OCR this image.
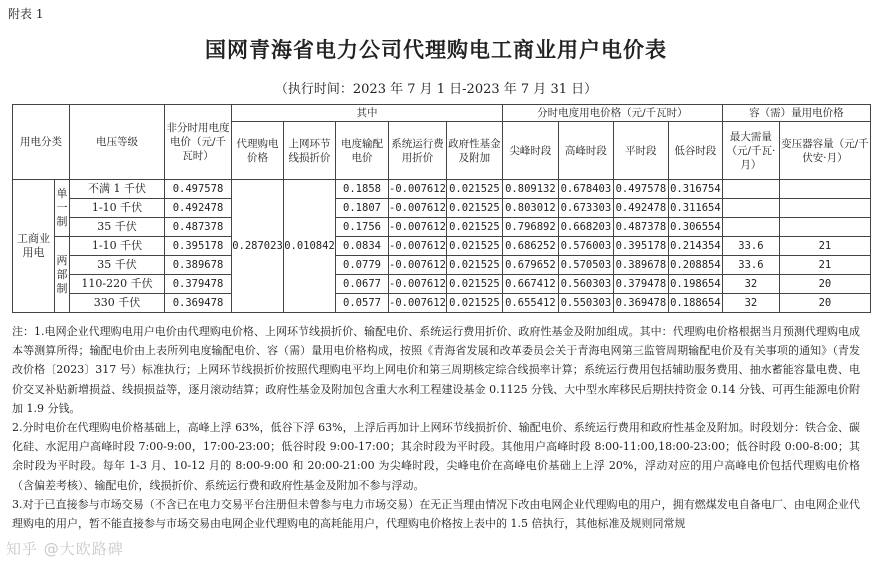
附表 1
国网青海省电力公司代理购电工商业用户电价表
（执行时间：2023 年 7 月 1 日-2023 年 7 月 31 日）
用电分类		电压等级	非分时用电度电价（元/千瓦时）	其中					分时电度用电价格（元/千瓦时）				容（需）量用电价格	
				代理购电价格	上网环节线损折价	电度输配电价	系统运行费用折价	政府性基金及附加	尖峰时段	高峰时段	平时段	低谷时段	最大需量（元/千瓦·月）	变压器容量（元/千伏安·月）
工商业用电	单一制	不满 1 千伏	0.497578	0.287023	0.010842	0.1858	-0.007612	0.021525	0.809132	0.678403	0.497578	0.316754		
		1-10 千伏	0.492478			0.1807	-0.007612	0.021525	0.803012	0.673303	0.492478	0.311654		
		35 千伏	0.487378			0.1756	-0.007612	0.021525	0.796892	0.668203	0.487378	0.306554		
	两部制	1-10 千伏	0.395178			0.0834	-0.007612	0.021525	0.686252	0.576003	0.395178	0.214354	33.6	21
		35 千伏	0.389678			0.0779	-0.007612	0.021525	0.679652	0.570503	0.389678	0.208854	33.6	21
		110-220 千伏	0.379478			0.0677	-0.007612	0.021525	0.667412	0.560303	0.379478	0.198654	32	20
		330 千伏	0.369478			0.0577	-0.007612	0.021525	0.655412	0.550303	0.369478	0.188654	32	20

注：1.电网企业代理购电用户电价由代理购电价格、上网环节线损折价、输配电价、系统运行费用折价、政府性基金及附加组成。其中：代理购电价格根据当月预测代理购电成本等测算所得；输配电价由上表所列电度输配电价、容（需）量用电价格构成，按照《青海省发展和改革委员会关于青海电网第三监管周期输配电价及有关事项的通知》（青发改价格〔2023〕317 号）标准执行；上网环节线损折价按照代理购电平均上网电价和第三周期核定综合线损率计算；系统运行费用包括辅助服务费用、抽水蓄能容量电费、电价交叉补贴新增损益、线损损益等，逐月滚动结算；政府性基金及附加包含重大水利工程建设基金 0.1125 分钱、大中型水库移民后期扶持资金 0.14 分钱、可再生能源电价附加 1.9 分钱。

2.分时电价在代理购电价格基础上，高峰上浮 63%，低谷下浮 63%，上浮后再加计上网环节线损折价、输配电价、系统运行费用和政府性基金及附加。时段划分：铁合金、碳化硅、水泥用户高峰时段 7:00-9:00，17:00-23:00；低谷时段 9:00-17:00；其余时段为平时段。其他用户高峰时段 8:00-11:00,18:00-23:00；低谷时段 0:00-8:00；其余时段为平时段。每年 1-3 月、10-12 月的 8:00-9:00 和 20:00-21:00 为尖峰时段，尖峰电价在高峰电价基础上上浮 20%，浮动对应的用户高峰电价包括代理购电价格（含偏差考核）、输配电价，线损折价、系统运行费和政府性基金及附加不参与浮动。

3.对于已直接参与市场交易（不含已在电力交易平台注册但未曾参与电力市场交易）在无正当理由情况下改由电网企业代理购电的用户，拥有燃煤发电自备电厂、由电网企业代理购电的用户，暂不能直接参与市场交易由电网企业代理购电的高耗能用户，代理购电价格按上表中的 1.5 倍执行，其他标准及规则同常规

知乎 @大欧路碑
